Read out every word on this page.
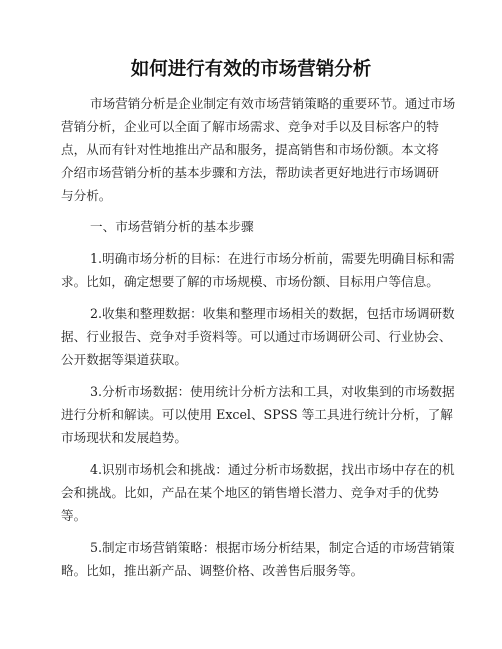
如何进行有效的市场营销分析
市场营销分析是企业制定有效市场营销策略的重要环节。通过市场
营销分析，企业可以全面了解市场需求、竞争对手以及目标客户的特
点，从而有针对性地推出产品和服务，提高销售和市场份额。本文将
介绍市场营销分析的基本步骤和方法，帮助读者更好地进行市场调研
与分析。
一、市场营销分析的基本步骤
1.明确市场分析的目标：在进行市场分析前，需要先明确目标和需
求。比如，确定想要了解的市场规模、市场份额、目标用户等信息。
2.收集和整理数据：收集和整理市场相关的数据，包括市场调研数
据、行业报告、竞争对手资料等。可以通过市场调研公司、行业协会、
公开数据等渠道获取。
3.分析市场数据：使用统计分析方法和工具，对收集到的市场数据
进行分析和解读。可以使用 Excel、SPSS 等工具进行统计分析，了解
市场现状和发展趋势。
4.识别市场机会和挑战：通过分析市场数据，找出市场中存在的机
会和挑战。比如，产品在某个地区的销售增长潜力、竞争对手的优势
等。
5.制定市场营销策略：根据市场分析结果，制定合适的市场营销策
略。比如，推出新产品、调整价格、改善售后服务等。
